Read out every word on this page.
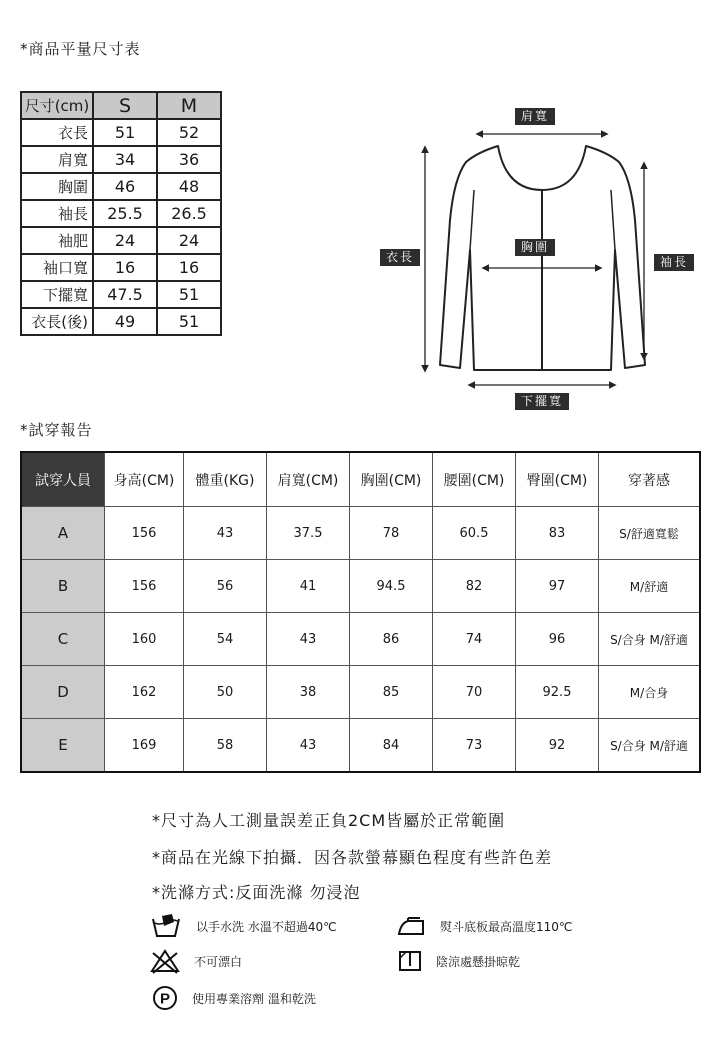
*商品平量尺寸表
尺寸(cm)	S	M
衣長	51	52
肩寬	34	36
胸圍	46	48
袖長	25.5	26.5
袖肥	24	24
袖口寬	16	16
下擺寬	47.5	51
衣長(後)	49	51
肩寬
衣長
胸圍
袖長
下擺寬
*試穿報告
試穿人員	身高(CM)	體重(KG)	肩寬(CM)	胸圍(CM)	腰圍(CM)	臀圍(CM)	穿著感
A	156	43	37.5	78	60.5	83	S/舒適寬鬆
B	156	56	41	94.5	82	97	M/舒適
C	160	54	43	86	74	96	S/合身 M/舒適
D	162	50	38	85	70	92.5	M/合身
E	169	58	43	84	73	92	S/合身 M/舒適
*尺寸為人工測量誤差正負2CM皆屬於正常範圍
*商品在光線下拍攝．因各款螢幕顯色程度有些許色差
*洗滌方式:反面洗滌 勿浸泡
以手水洗 水溫不超過40℃	熨斗底板最高溫度110℃
不可漂白	陰涼處懸掛晾乾
P 使用專業溶劑 溫和乾洗
